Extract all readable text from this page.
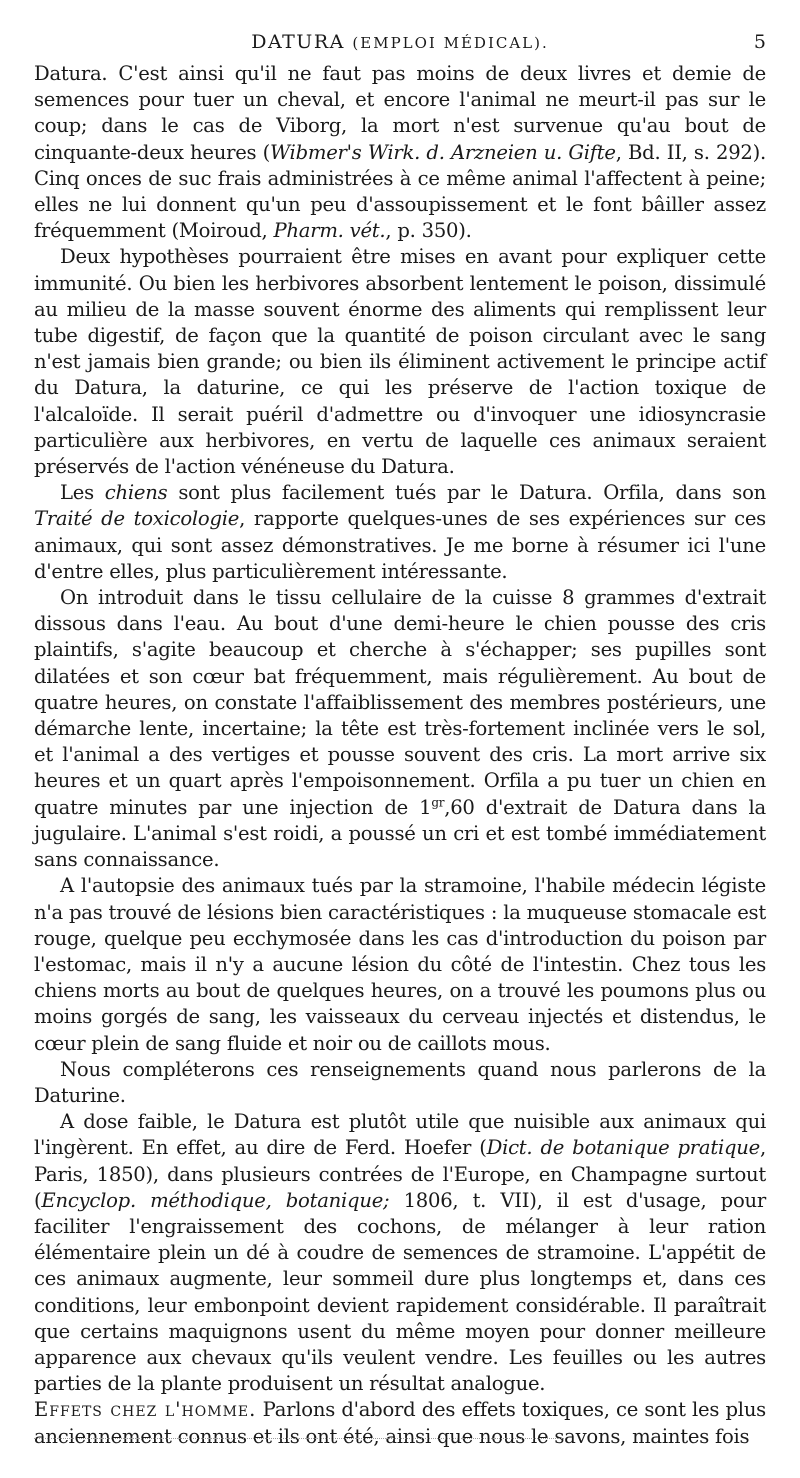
DATURA (EMPLOI MÉDICAL).	5

Datura. C'est ainsi qu'il ne faut pas moins de deux livres et demie de semences pour tuer un cheval, et encore l'animal ne meurt-il pas sur le coup; dans le cas de Viborg, la mort n'est survenue qu'au bout de cinquante-deux heures (Wibmer's Wirk. d. Arzneien u. Gifte, Bd. II, s. 292). Cinq onces de suc frais administrées à ce même animal l'affectent à peine; elles ne lui donnent qu'un peu d'assoupissement et le font bâiller assez fréquemment (Moiroud, Pharm. vét., p. 350).

Deux hypothèses pourraient être mises en avant pour expliquer cette immunité. Ou bien les herbivores absorbent lentement le poison, dissimulé au milieu de la masse souvent énorme des aliments qui remplissent leur tube digestif, de façon que la quantité de poison circulant avec le sang n'est jamais bien grande; ou bien ils éliminent activement le principe actif du Datura, la daturine, ce qui les préserve de l'action toxique de l'alcaloïde. Il serait puéril d'admettre ou d'invoquer une idiosyncrasie particulière aux herbivores, en vertu de laquelle ces animaux seraient préservés de l'action vénéneuse du Datura.

Les chiens sont plus facilement tués par le Datura. Orfila, dans son Traité de toxicologie, rapporte quelques-unes de ses expériences sur ces animaux, qui sont assez démonstratives. Je me borne à résumer ici l'une d'entre elles, plus particulièrement intéressante.

On introduit dans le tissu cellulaire de la cuisse 8 grammes d'extrait dissous dans l'eau. Au bout d'une demi-heure le chien pousse des cris plaintifs, s'agite beaucoup et cherche à s'échapper; ses pupilles sont dilatées et son cœur bat fréquemment, mais régulièrement. Au bout de quatre heures, on constate l'affaiblissement des membres postérieurs, une démarche lente, incertaine; la tête est très-fortement inclinée vers le sol, et l'animal a des vertiges et pousse souvent des cris. La mort arrive six heures et un quart après l'empoisonnement. Orfila a pu tuer un chien en quatre minutes par une injection de $1^{gr},60$ d'extrait de Datura dans la jugulaire. L'animal s'est roidi, a poussé un cri et est tombé immédiatement sans connaissance.

A l'autopsie des animaux tués par la stramoine, l'habile médecin légiste n'a pas trouvé de lésions bien caractéristiques : la muqueuse stomacale est rouge, quelque peu ecchymosée dans les cas d'introduction du poison par l'estomac, mais il n'y a aucune lésion du côté de l'intestin. Chez tous les chiens morts au bout de quelques heures, on a trouvé les poumons plus ou moins gorgés de sang, les vaisseaux du cerveau injectés et distendus, le cœur plein de sang fluide et noir ou de caillots mous.

Nous compléterons ces renseignements quand nous parlerons de la Daturine.

A dose faible, le Datura est plutôt utile que nuisible aux animaux qui l'ingèrent. En effet, au dire de Ferd. Hoefer (Dict. de botanique pratique, Paris, 1850), dans plusieurs contrées de l'Europe, en Champagne surtout (Encyclop. méthodique, botanique; 1806, t. VII), il est d'usage, pour faciliter l'engraissement des cochons, de mélanger à leur ration élémentaire plein un dé à coudre de semences de stramoine. L'appétit de ces animaux augmente, leur sommeil dure plus longtemps et, dans ces conditions, leur embonpoint devient rapidement considérable. Il paraîtrait que certains maquignons usent du même moyen pour donner meilleure apparence aux chevaux qu'ils veulent vendre. Les feuilles ou les autres parties de la plante produisent un résultat analogue.

Effets chez l'homme. Parlons d'abord des effets toxiques, ce sont les plus anciennement connus et ils ont été, ainsi que nous le savons, maintes fois
